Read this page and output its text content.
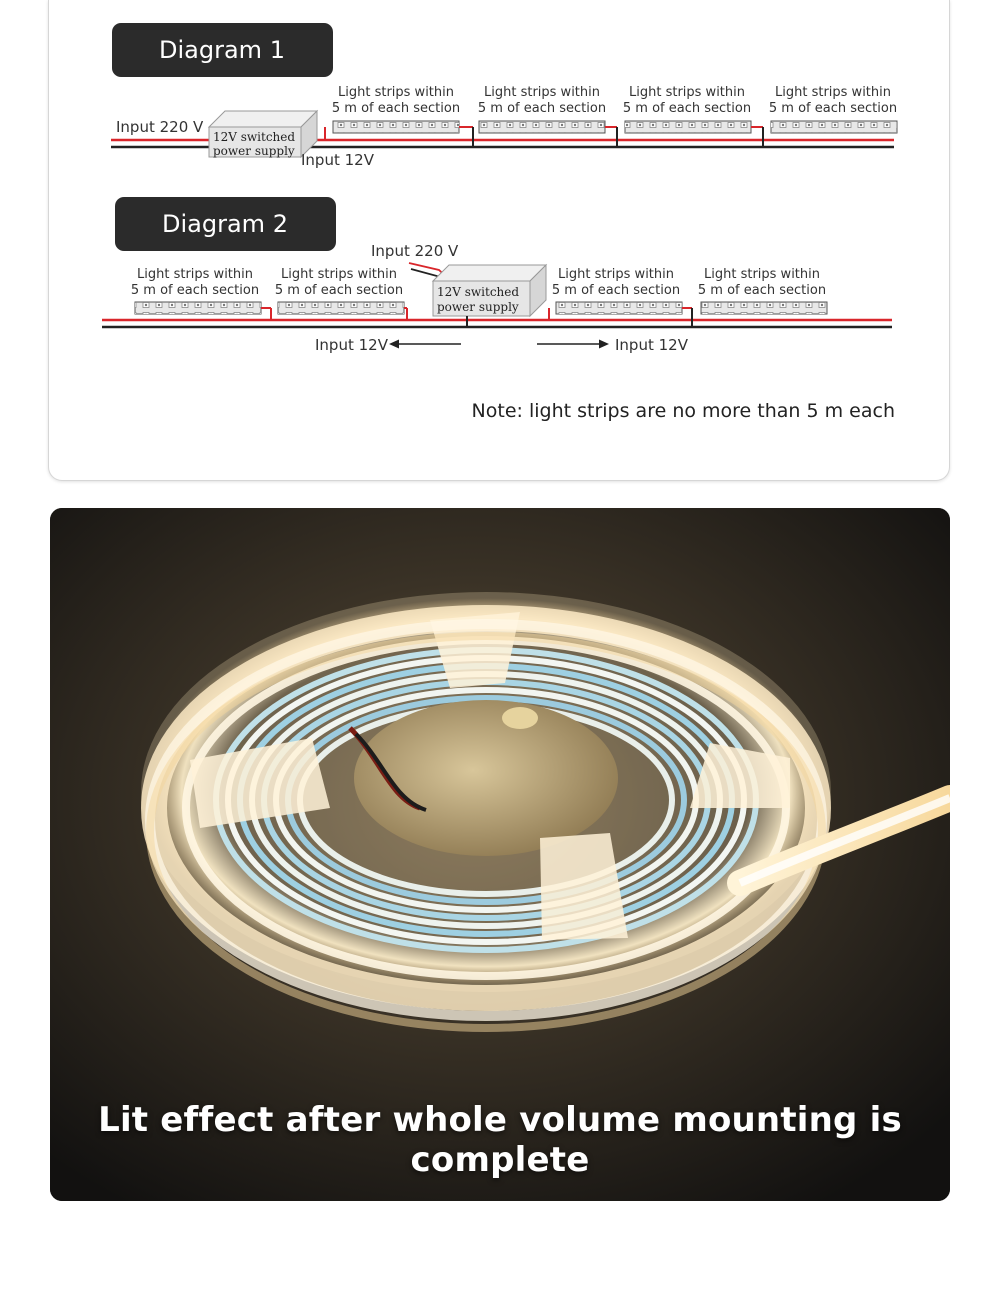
Diagram 1
Input 220 V
12V switched
power supply Input 12V
Light strips within
5 m of each section
Light strips within
5 m of each section
Light strips within
5 m of each section
Light strips within
5 m of each section
Diagram 2
Input 220 V
12V switched
power supply
Light strips within
5 m of each section
Light strips within
5 m of each section
Light strips within
5 m of each section
Light strips within
5 m of each section
Input 12V	Input 12V
Note: light strips are no more than 5 m each
Lit effect after whole volume mounting is complete
